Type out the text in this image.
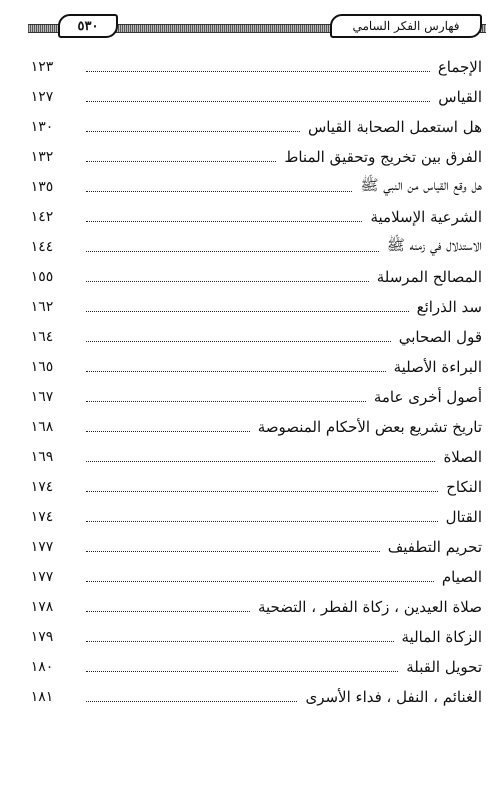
فهارس الفكر السامي
٥٣٠
الإجماع
١٢٣
القياس
١٢٧
هل استعمل الصحابة القياس
١٣٠
الفرق بين تخريج وتحقيق المناط
١٣٢
هل وقع القياس من النبي ﷺ
١٣٥
الشرعية الإسلامية
١٤٢
الاستدلال في زمنه ﷺ
١٤٤
المصالح المرسلة
١٥٥
سد الذرائع
١٦٢
قول الصحابي
١٦٤
البراءة الأصلية
١٦٥
أصول أخرى عامة
١٦٧
تاريخ تشريع بعض الأحكام المنصوصة
١٦٨
الصلاة
١٦٩
النكاح
١٧٤
القتال
١٧٤
تحريم التطفيف
١٧٧
الصيام
١٧٧
صلاة العيدين ، زكاة الفطر ، التضحية
١٧٨
الزكاة المالية
١٧٩
تحويل القبلة
١٨٠
الغنائم ، النفل ، فداء الأسرى
١٨١
